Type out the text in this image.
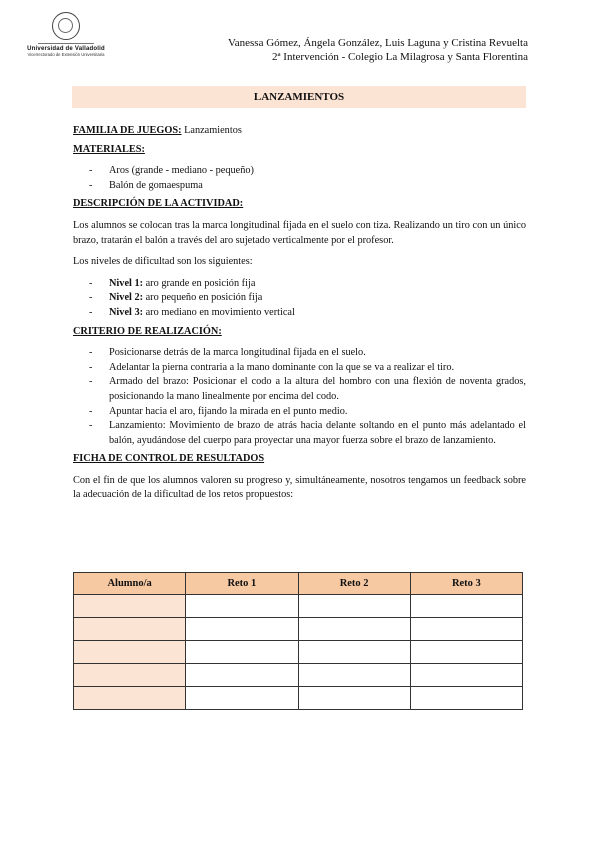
Universidad de Valladolid
Vicerrectorado de Extensión Universitaria
Vanessa Gómez, Ángela González, Luis Laguna y Cristina Revuelta
2ª Intervención - Colegio La Milagrosa y Santa Florentina
LANZAMIENTOS

FAMILIA DE JUEGOS: Lanzamientos

MATERIALES:

- Aros (grande - mediano - pequeño)
- Balón de gomaespuma

DESCRIPCIÓN DE LA ACTIVIDAD:

Los alumnos se colocan tras la marca longitudinal fijada en el suelo con tiza. Realizando un tiro con un único brazo, tratarán el balón a través del aro sujetado verticalmente por el profesor.

Los niveles de dificultad son los siguientes:

- Nivel 1: aro grande en posición fija
- Nivel 2: aro pequeño en posición fija
- Nivel 3: aro mediano en movimiento vertical

CRITERIO DE REALIZACIÓN:

- Posicionarse detrás de la marca longitudinal fijada en el suelo.
- Adelantar la pierna contraria a la mano dominante con la que se va a realizar el tiro.
- Armado del brazo: Posicionar el codo a la altura del hombro con una flexión de noventa grados, posicionando la mano linealmente por encima del codo.
- Apuntar hacia el aro, fijando la mirada en el punto medio.
- Lanzamiento: Movimiento de brazo de atrás hacia delante soltando en el punto más adelantado el balón, ayudándose del cuerpo para proyectar una mayor fuerza sobre el brazo de lanzamiento.

FICHA DE CONTROL DE RESULTADOS

Con el fin de que los alumnos valoren su progreso y, simultáneamente, nosotros tengamos un feedback sobre la adecuación de la dificultad de los retos propuestos:

Alumno/a	Reto 1	Reto 2	Reto 3
